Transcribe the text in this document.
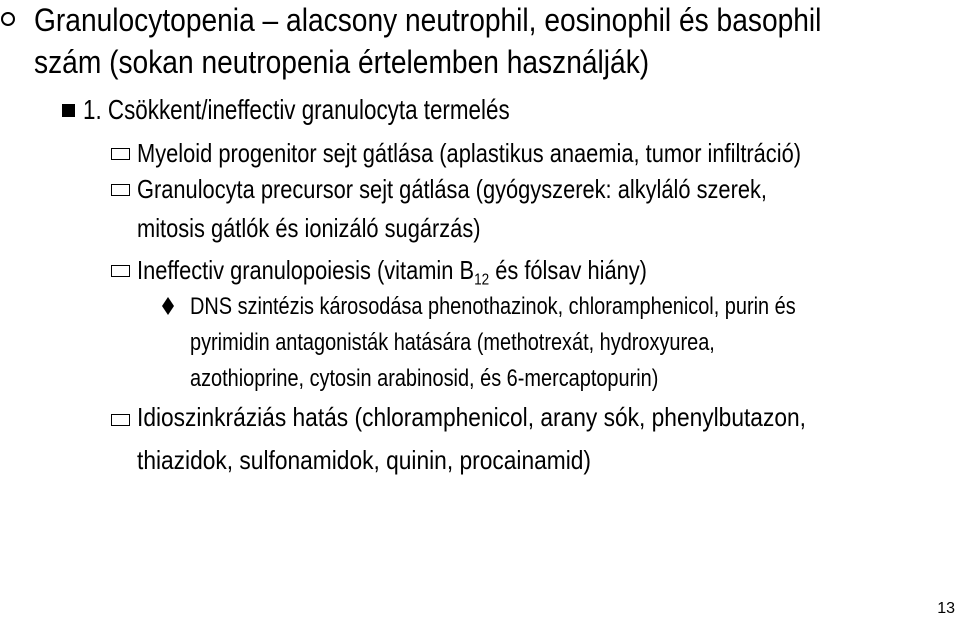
Granulocytopenia – alacsony neutrophil, eosinophil és basophil
szám (sokan neutropenia értelemben használják)
1. Csökkent/ineffectiv granulocyta termelés
Myeloid progenitor sejt gátlása (aplastikus anaemia, tumor infiltráció)
Granulocyta precursor sejt gátlása (gyógyszerek: alkyláló szerek,
mitosis gátlók és ionizáló sugárzás)
Ineffectiv granulopoiesis (vitamin $B_{12}$ és fólsav hiány)
DNS szintézis károsodása phenothazinok, chloramphenicol, purin és
pyrimidin antagonisták hatására (methotrexát, hydroxyurea,
azothioprine, cytosin arabinosid, és 6-mercaptopurin)
Idioszinkráziás hatás (chloramphenicol, arany sók, phenylbutazon,
thiazidok, sulfonamidok, quinin, procainamid)
13
